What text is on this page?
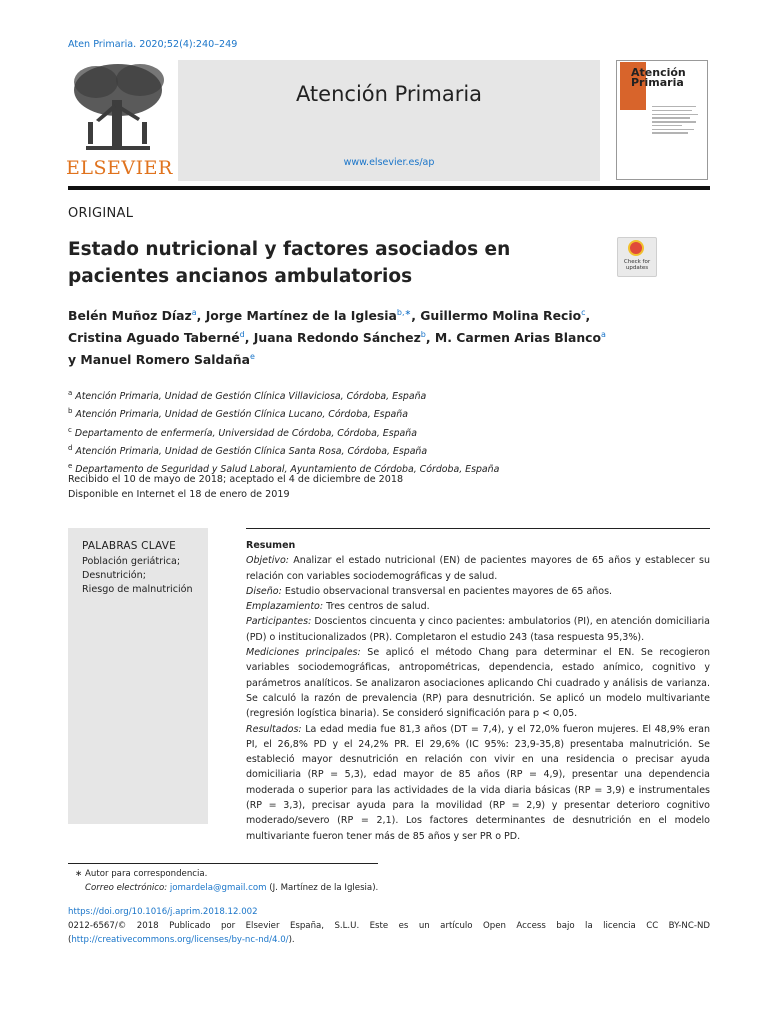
Aten Primaria. 2020;52(4):240–249
ELSEVIER
Atención Primaria
www.elsevier.es/ap
Atención
Primaria
ORIGINAL
Estado nutricional y factores asociados en pacientes ancianos ambulatorios
Check for updates
Belén Muñoz Díaz$^a$, Jorge Martínez de la Iglesia$^{b,∗}$, Guillermo Molina Recio$^c$,
Cristina Aguado Taberné$^d$, Juana Redondo Sánchez$^b$, M. Carmen Arias Blanco$^a$
y Manuel Romero Saldaña$^e$
$^a$ Atención Primaria, Unidad de Gestión Clínica Villaviciosa, Córdoba, España
$^b$ Atención Primaria, Unidad de Gestión Clínica Lucano, Córdoba, España
$^c$ Departamento de enfermería, Universidad de Córdoba, Córdoba, España
$^d$ Atención Primaria, Unidad de Gestión Clínica Santa Rosa, Córdoba, España
$^e$ Departamento de Seguridad y Salud Laboral, Ayuntamiento de Córdoba, Córdoba, España
Recibido el 10 de mayo de 2018; aceptado el 4 de diciembre de 2018
Disponible en Internet el 18 de enero de 2019
PALABRAS CLAVE
Población geriátrica;
Desnutrición;
Riesgo de malnutrición
Resumen
Objetivo: Analizar el estado nutricional (EN) de pacientes mayores de 65 años y establecer su relación con variables sociodemográficas y de salud.
Diseño: Estudio observacional transversal en pacientes mayores de 65 años.
Emplazamiento: Tres centros de salud.
Participantes: Doscientos cincuenta y cinco pacientes: ambulatorios (PI), en atención domiciliaria (PD) o institucionalizados (PR). Completaron el estudio 243 (tasa respuesta 95,3%).
Mediciones principales: Se aplicó el método Chang para determinar el EN. Se recogieron variables sociodemográficas, antropométricas, dependencia, estado anímico, cognitivo y parámetros analíticos. Se analizaron asociaciones aplicando Chi cuadrado y análisis de varianza. Se calculó la razón de prevalencia (RP) para desnutrición. Se aplicó un modelo multivariante (regresión logística binaria). Se consideró significación para p < 0,05.
Resultados: La edad media fue 81,3 años (DT = 7,4), y el 72,0% fueron mujeres. El 48,9% eran PI, el 26,8% PD y el 24,2% PR. El 29,6% (IC 95%: 23,9-35,8) presentaba malnutrición. Se estableció mayor desnutrición en relación con vivir en una residencia o precisar ayuda domiciliaria (RP = 5,3), edad mayor de 85 años (RP = 4,9), presentar una dependencia moderada o superior para las actividades de la vida diaria básicas (RP = 3,9) e instrumentales (RP = 3,3), precisar ayuda para la movilidad (RP = 2,9) y presentar deterioro cognitivo moderado/severo (RP = 2,1). Los factores determinantes de desnutrición en el modelo multivariante fueron tener más de 85 años y ser PR o PD.
∗ Autor para correspondencia.
Correo electrónico: jomardela@gmail.com (J. Martínez de la Iglesia).
https://doi.org/10.1016/j.aprim.2018.12.002
0212-6567/© 2018 Publicado por Elsevier España, S.L.U. Este es un artículo Open Access bajo la licencia CC BY-NC-ND (http://creativecommons.org/licenses/by-nc-nd/4.0/).
